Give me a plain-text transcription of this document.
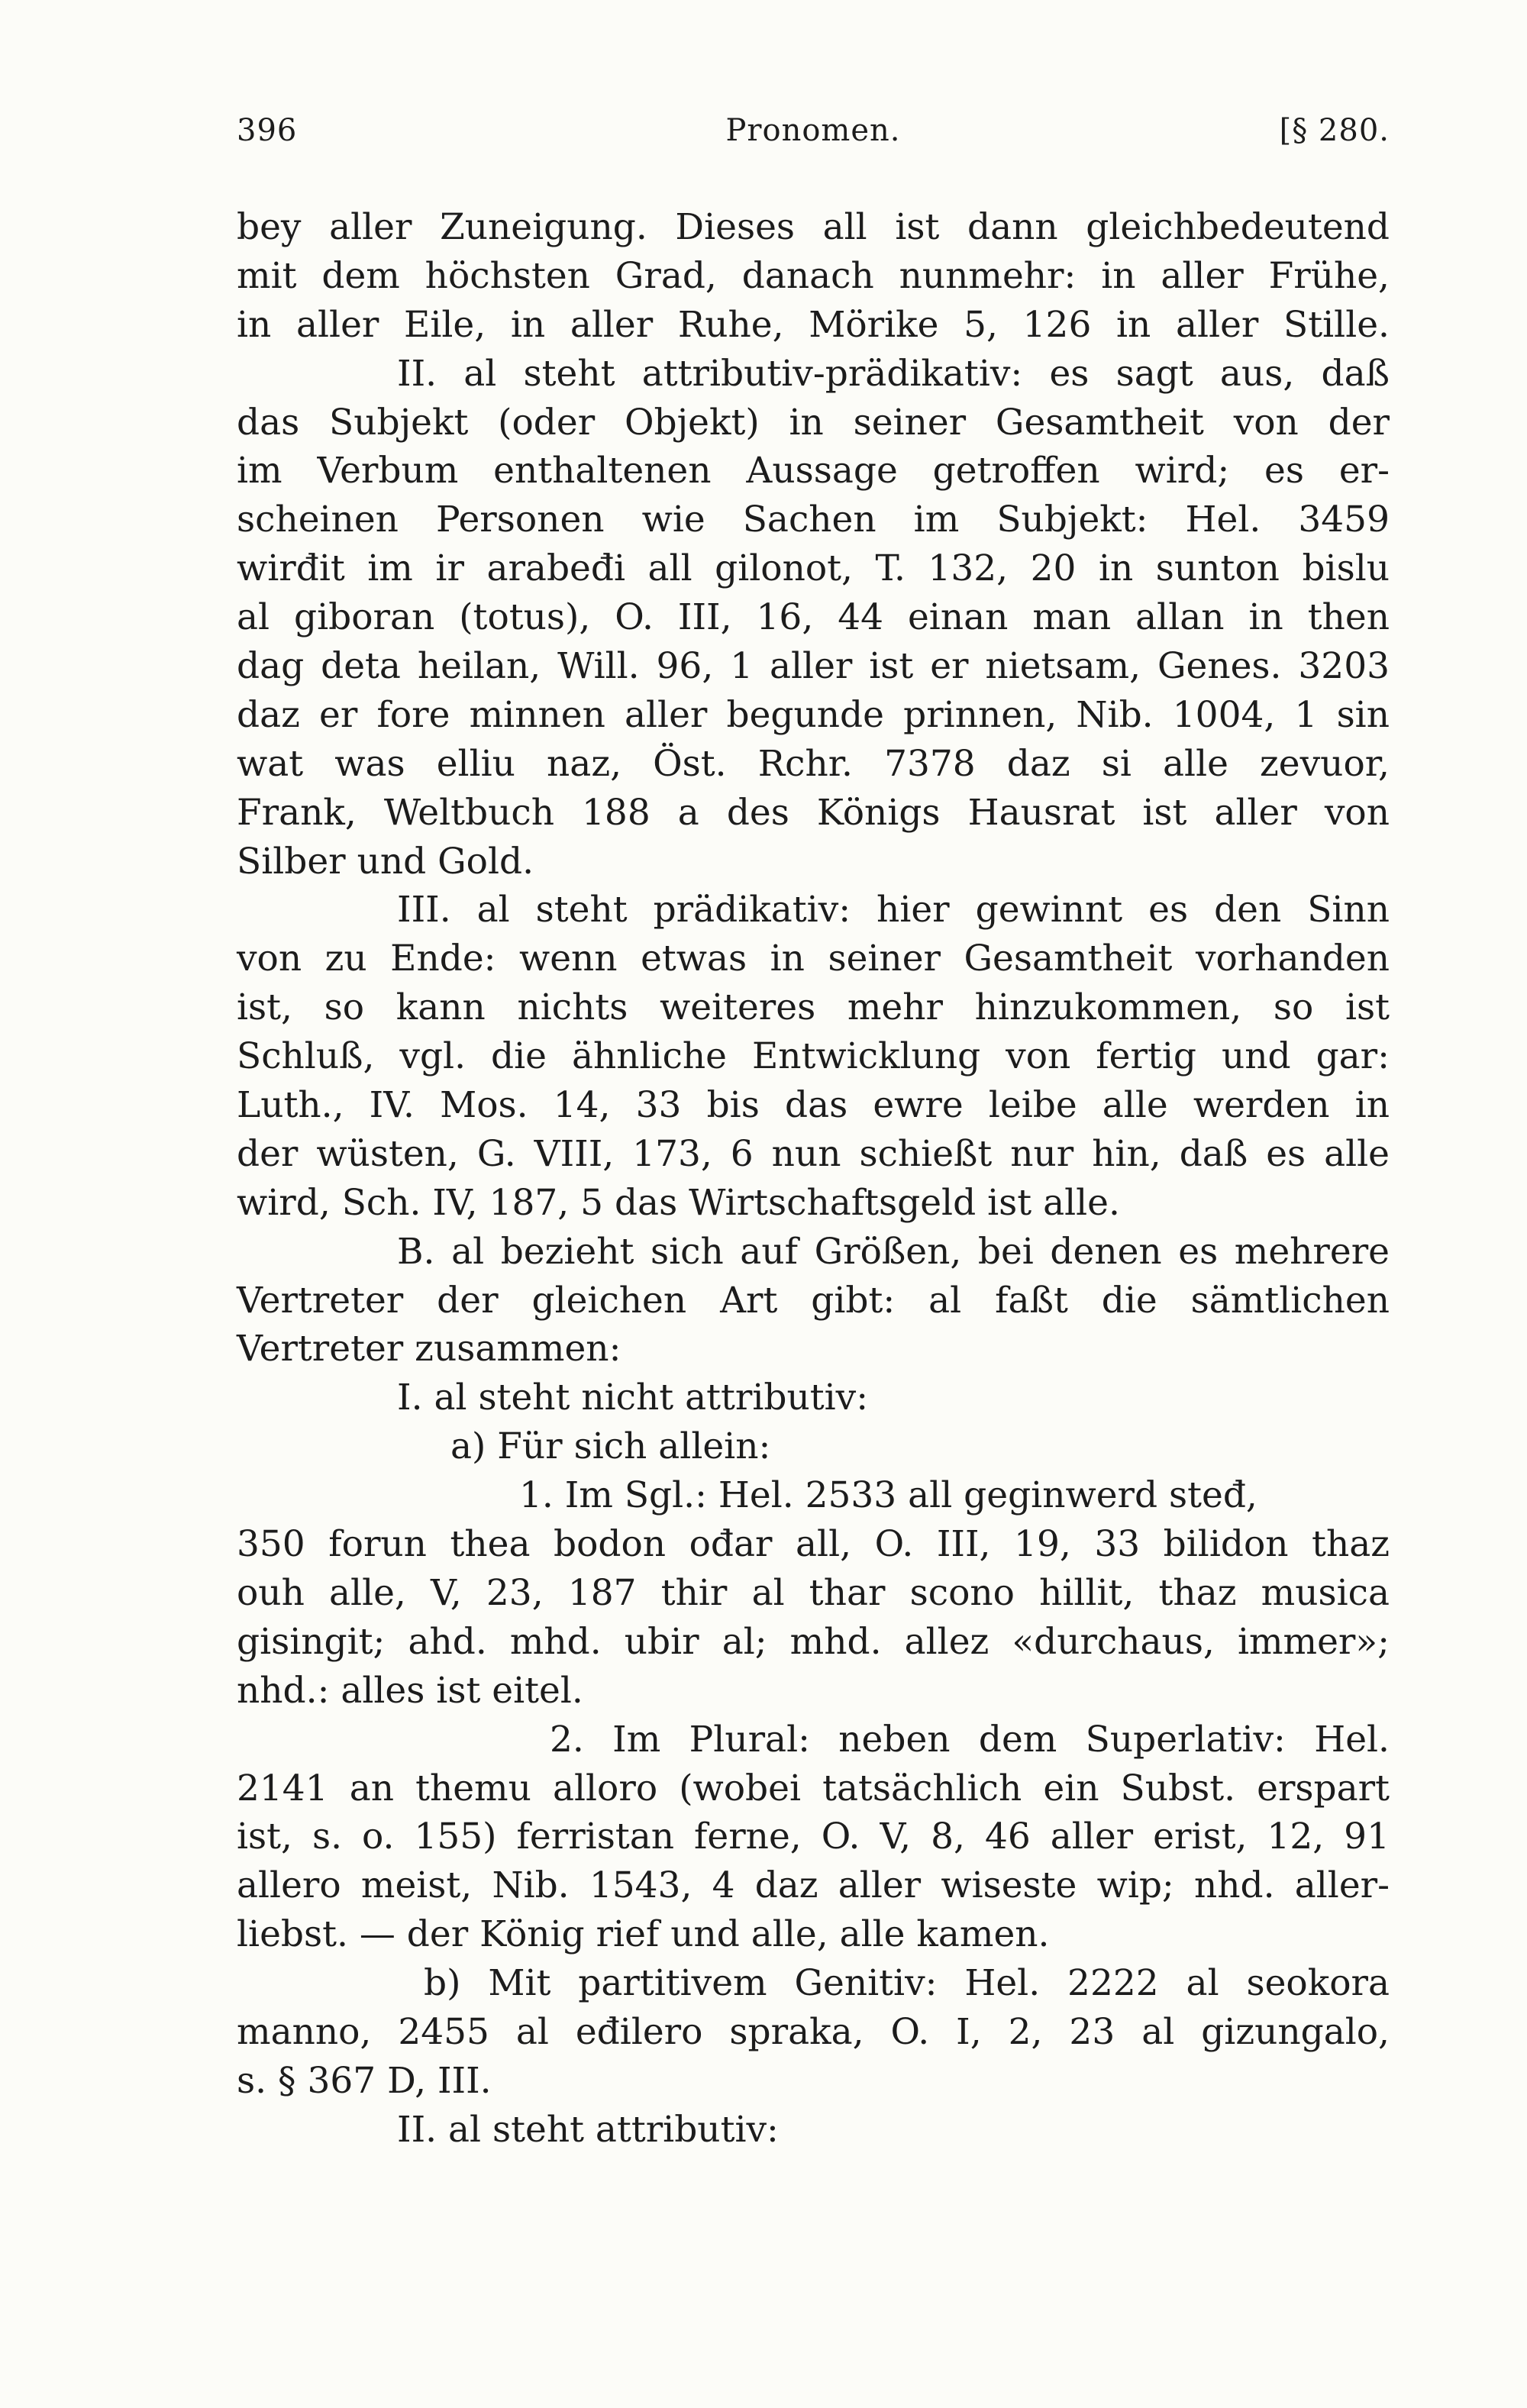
396	Pronomen.	[§ 280.
bey aller Zuneigung. Dieses all ist dann gleichbedeutend
mit dem höchsten Grad, danach nunmehr: in aller Frühe,
in aller Eile, in aller Ruhe, Mörike 5, 126 in aller Stille.
II. al steht attributiv-prädikativ: es sagt aus, daß
das Subjekt (oder Objekt) in seiner Gesamtheit von der
im Verbum enthaltenen Aussage getroffen wird; es er-
scheinen Personen wie Sachen im Subjekt: Hel. 3459
wirđit im ir arabeđi all gilonot, T. 132, 20 in sunton bislu
al giboran (totus), O. III, 16, 44 einan man allan in then
dag deta heilan, Will. 96, 1 aller ist er nietsam, Genes. 3203
daz er fore minnen aller begunde prinnen, Nib. 1004, 1 sin
wat was elliu naz, Öst. Rchr. 7378 daz si alle zevuor,
Frank, Weltbuch 188 a des Königs Hausrat ist aller von
Silber und Gold.
III. al steht prädikativ: hier gewinnt es den Sinn
von zu Ende: wenn etwas in seiner Gesamtheit vorhanden
ist, so kann nichts weiteres mehr hinzukommen, so ist
Schluß, vgl. die ähnliche Entwicklung von fertig und gar:
Luth., IV. Mos. 14, 33 bis das ewre leibe alle werden in
der wüsten, G. VIII, 173, 6 nun schießt nur hin, daß es alle
wird, Sch. IV, 187, 5 das Wirtschaftsgeld ist alle.
B. al bezieht sich auf Größen, bei denen es mehrere
Vertreter der gleichen Art gibt: al faßt die sämtlichen
Vertreter zusammen:
I. al steht nicht attributiv:
a) Für sich allein:
1. Im Sgl.: Hel. 2533 all geginwerd steđ,
350 forun thea bodon ođar all, O. III, 19, 33 bilidon thaz
ouh alle, V, 23, 187 thir al thar scono hillit, thaz musica
gisingit; ahd. mhd. ubir al; mhd. allez «durchaus, immer»;
nhd.: alles ist eitel.
2. Im Plural: neben dem Superlativ: Hel.
2141 an themu alloro (wobei tatsächlich ein Subst. erspart
ist, s. o. 155) ferristan ferne, O. V, 8, 46 aller erist, 12, 91
allero meist, Nib. 1543, 4 daz aller wiseste wip; nhd. aller-
liebst. — der König rief und alle, alle kamen.
b) Mit partitivem Genitiv: Hel. 2222 al seokora
manno, 2455 al eđilero spraka, O. I, 2, 23 al gizungalo,
s. § 367 D, III.
II. al steht attributiv:
